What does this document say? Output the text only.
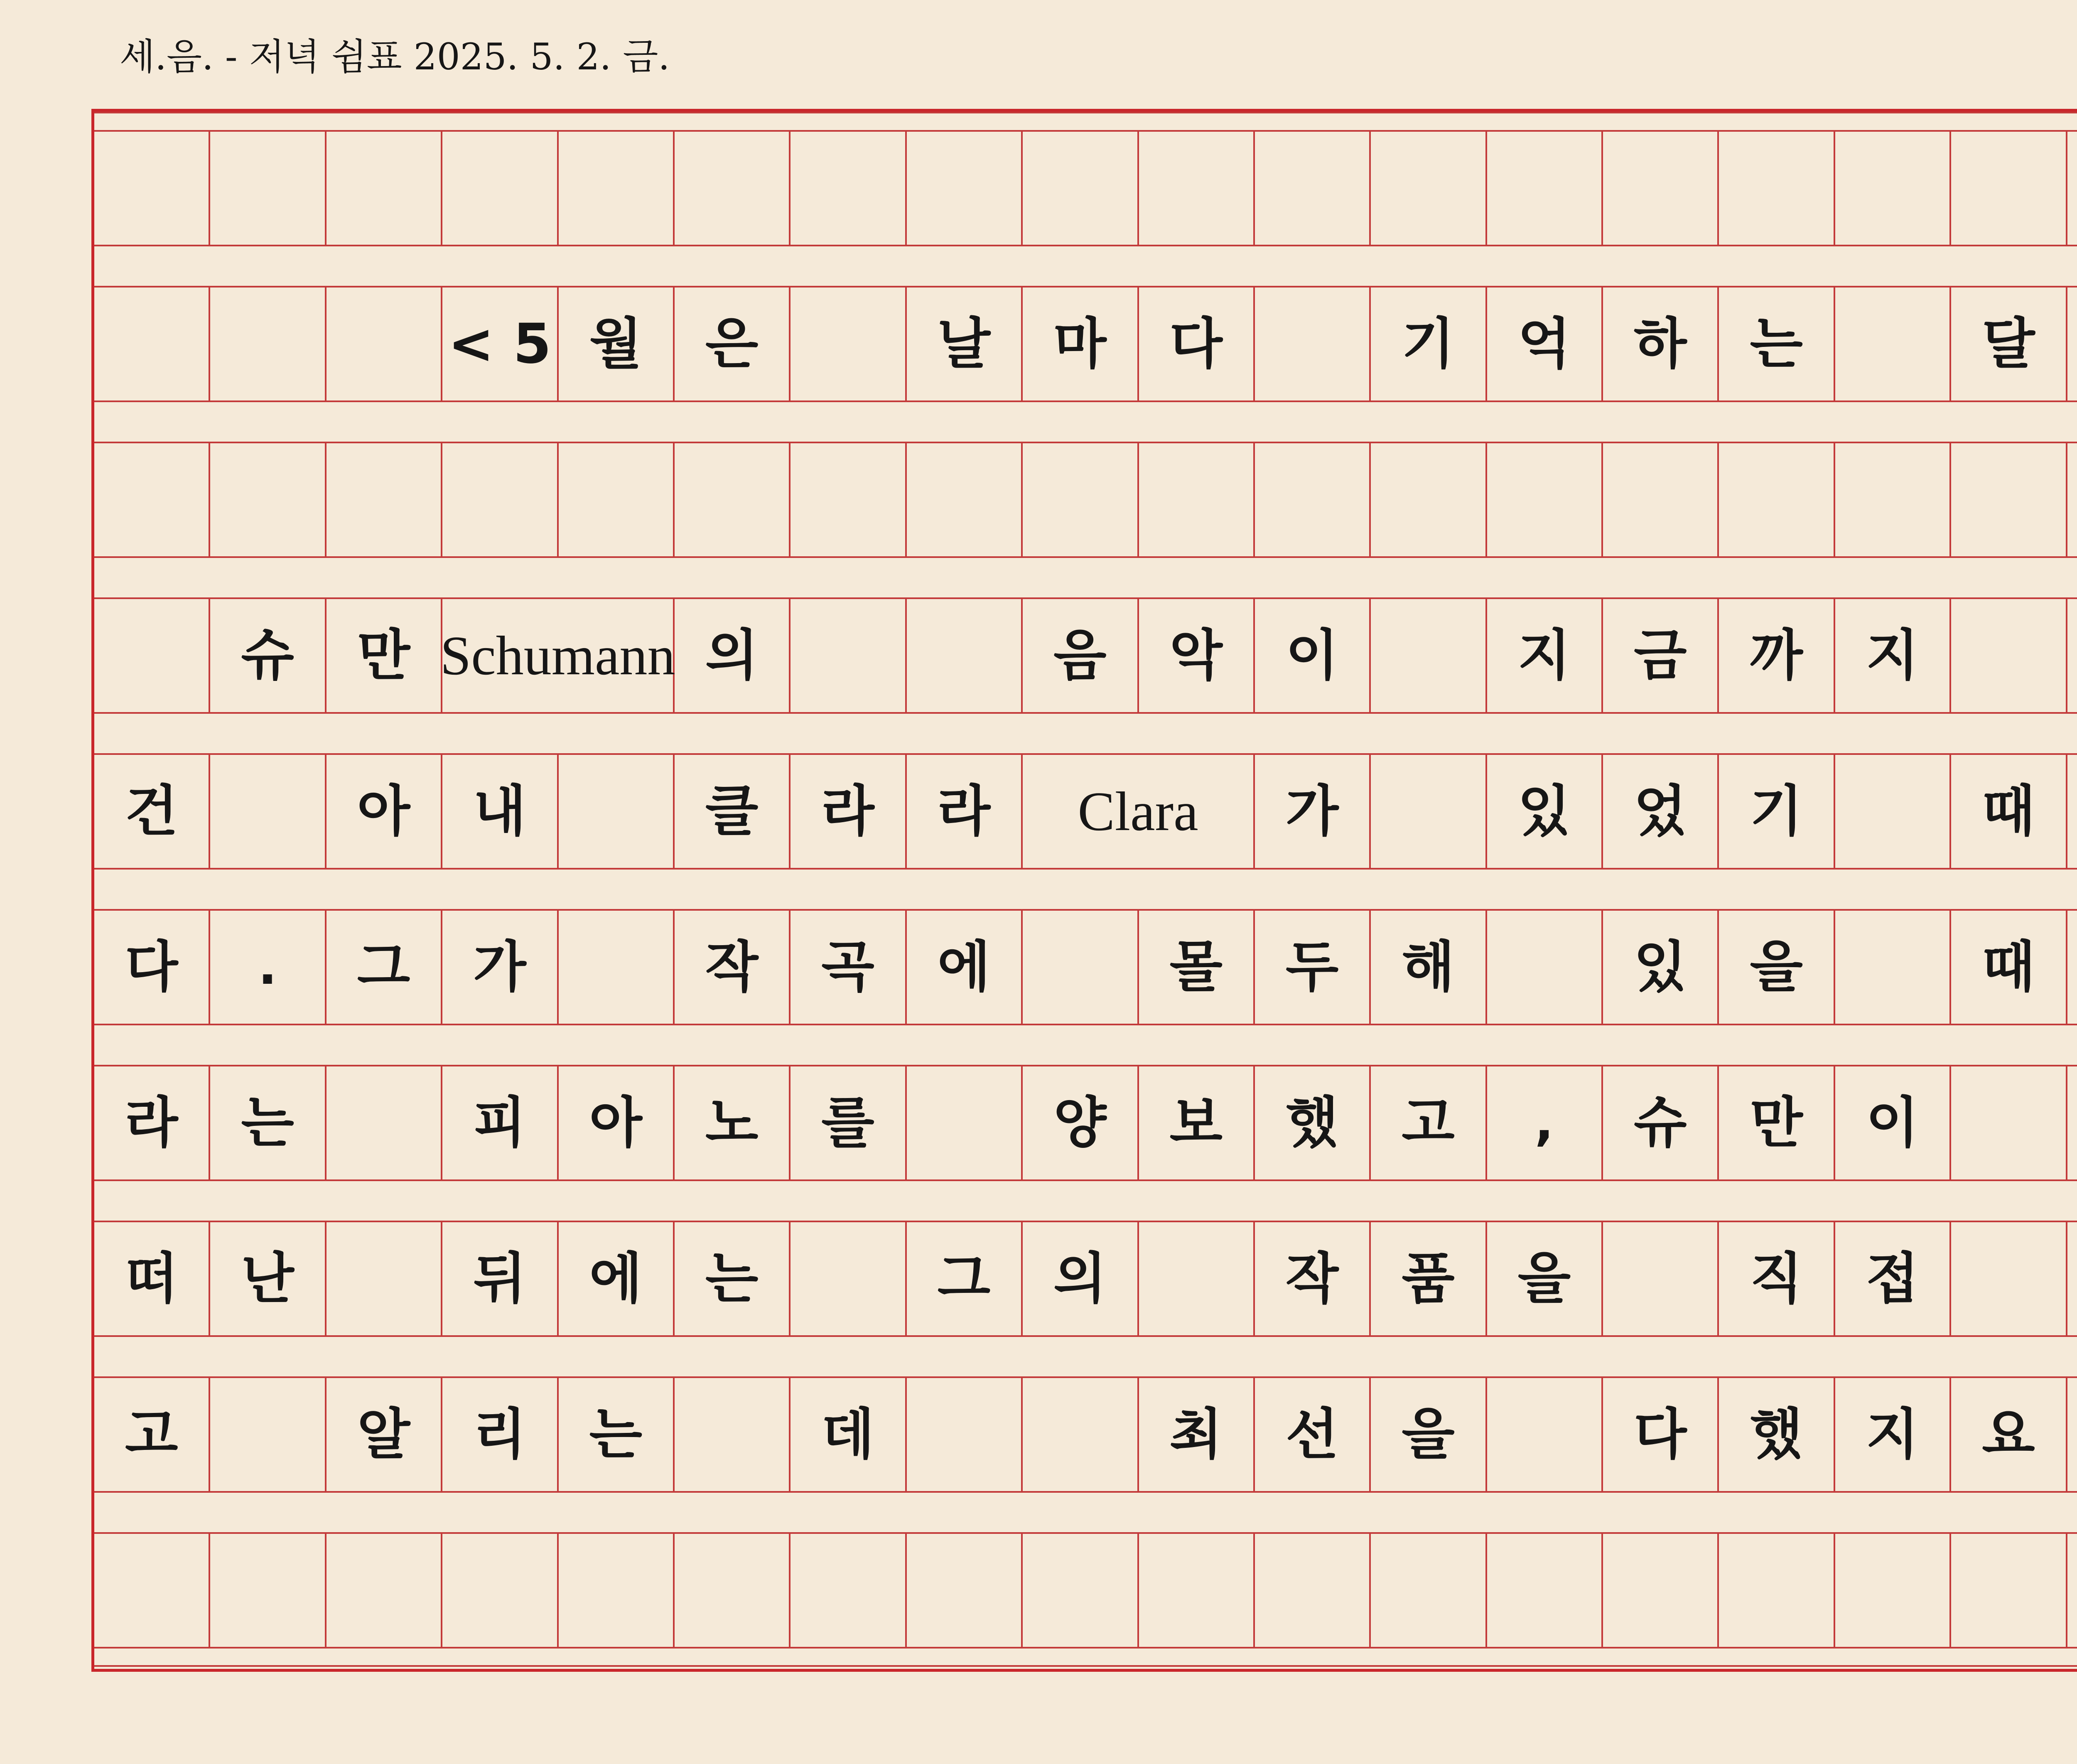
세.음. - 저녁 쉼표 2025. 5. 2. 금.
< 5 월	은	날	마	다	기	억	하	는	달
슈	만 Schumann 의	음	악	이	지	금	까	지
건	아	내	클	라	라	Clara	가	있	었	기	때
다	.	그	가	작	곡	에	몰	두	해	있	을	때
라	는	피	아	노	를	양	보	했	고	,	슈	만	이
떠	난	뒤	에	는	그	의	작	품	을	직	접
고	알	리	는	데	최	선	을	다	했	지	요
